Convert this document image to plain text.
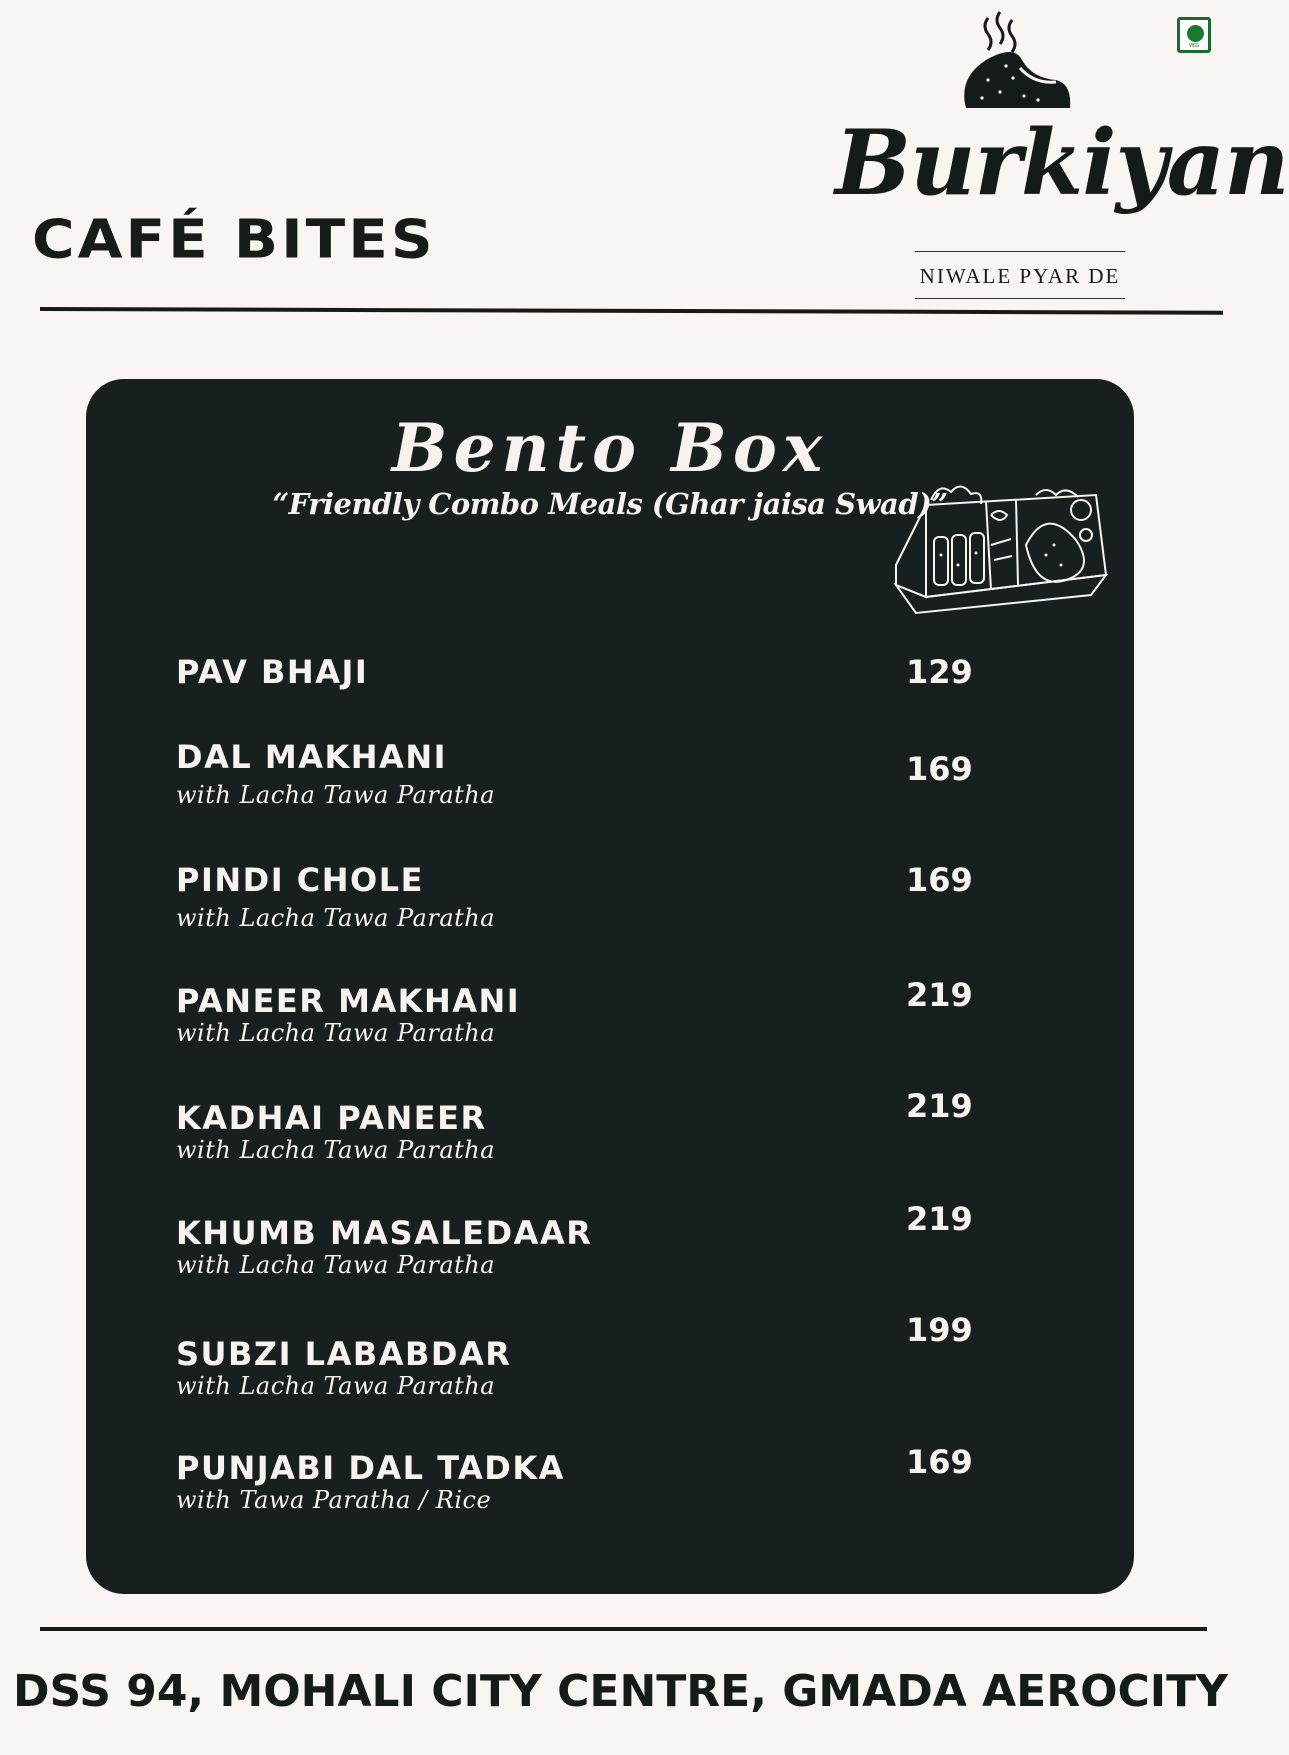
CAFÉ BITES
VEG
Burkiyan
NIWALE PYAR DE
Bento Box
“Friendly Combo Meals (Ghar jaisa Swad)”
PAV BHAJI	129
DAL MAKHANI
with Lacha Tawa Paratha
169
PINDI CHOLE
with Lacha Tawa Paratha
169
PANEER MAKHANI
with Lacha Tawa Paratha
219
KADHAI PANEER
with Lacha Tawa Paratha
219
KHUMB MASALEDAAR
with Lacha Tawa Paratha
219
SUBZI LABABDAR
with Lacha Tawa Paratha
199
PUNJABI DAL TADKA
with Tawa Paratha / Rice
169
DSS 94, MOHALI CITY CENTRE, GMADA AEROCITY
